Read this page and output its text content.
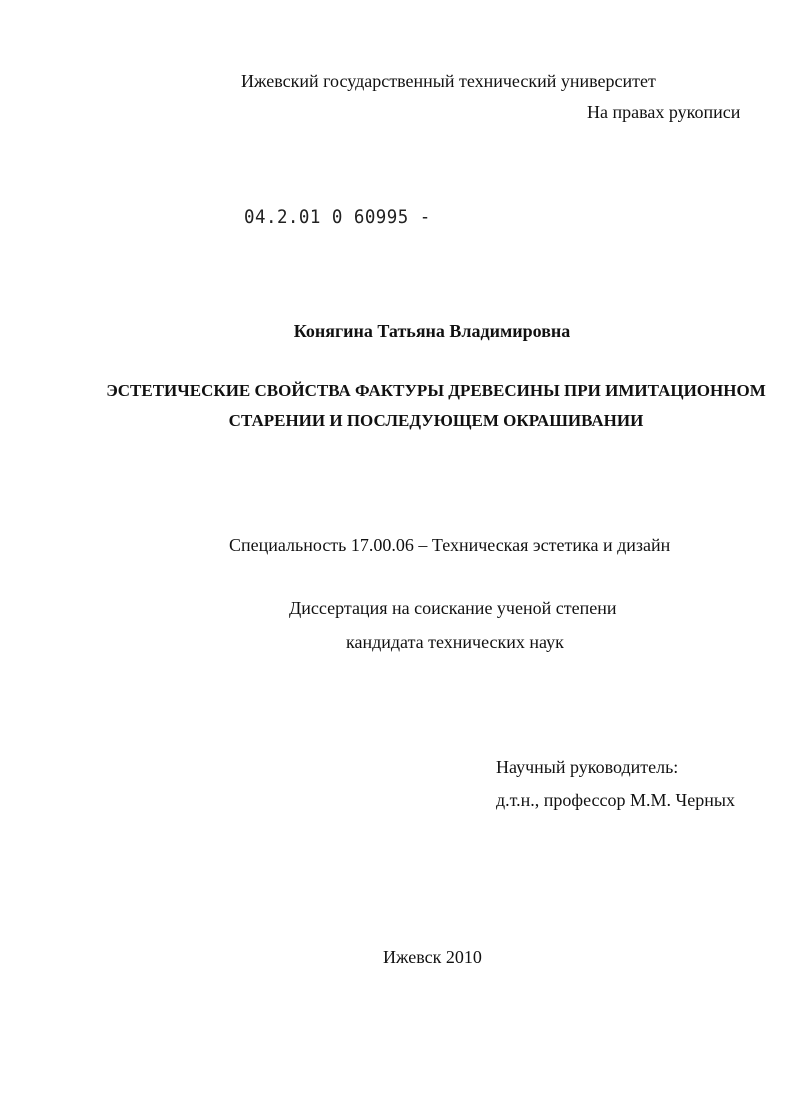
Ижевский государственный технический университет
На правах рукописи
04.2.01 0 60995 -
Конягина Татьяна Владимировна
ЭСТЕТИЧЕСКИЕ СВОЙСТВА ФАКТУРЫ ДРЕВЕСИНЫ ПРИ ИМИТАЦИОННОМ
СТАРЕНИИ И ПОСЛЕДУЮЩЕМ ОКРАШИВАНИИ
Специальность 17.00.06 – Техническая эстетика и дизайн
Диссертация на соискание ученой степени
кандидата технических наук
Научный руководитель:
д.т.н., профессор М.М. Черных
Ижевск 2010
